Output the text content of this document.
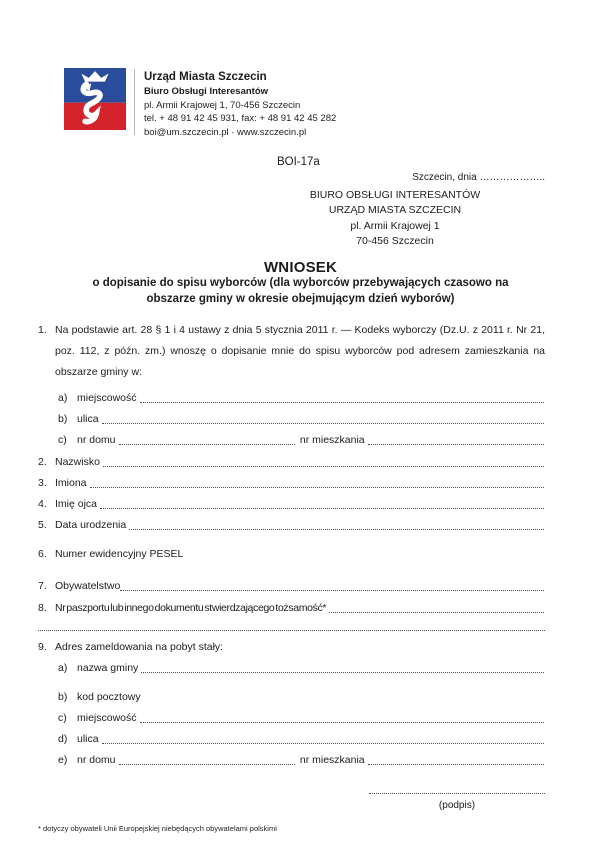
Urząd Miasta Szczecin
Biuro Obsługi Interesantów
pl. Armii Krajowej 1, 70-456 Szczecin
tel. + 48 91 42 45 931, fax: + 48 91 42 45 282
boi@um.szczecin.pl · www.szczecin.pl
BOI-17a
Szczecin, dnia ………………..
BIURO OBSŁUGI INTERESANTÓW
URZĄD MIASTA SZCZECIN
pl. Armii Krajowej 1
70-456 Szczecin
WNIOSEK
o dopisanie do spisu wyborców (dla wyborców przebywających czasowo na
obszarze gminy w okresie obejmującym dzień wyborów)
1. Na podstawie art. 28 § 1 i 4 ustawy z dnia 5 stycznia 2011 r. — Kodeks wyborczy (Dz.U. z 2011 r. Nr 21, poz. 112, z późn. zm.) wnoszę o dopisanie mnie do spisu wyborców pod adresem zamieszkania na obszarze gminy w:
a) miejscowość
b) ulica
c) nr domu	nr mieszkania
2. Nazwisko
3. Imiona
4. Imię ojca
5. Data urodzenia
6. Numer ewidencyjny PESEL
7. Obywatelstwo
8. Nr paszportu lub innego dokumentu stwierdzającego tożsamość*
9. Adres zameldowania na pobyt stały:
a) nazwa gminy
b) kod pocztowy
c) miejscowość
d) ulica
e) nr domu	nr mieszkania
(podpis)
* dotyczy obywateli Unii Europejskiej niebędących obywatelami polskimi
